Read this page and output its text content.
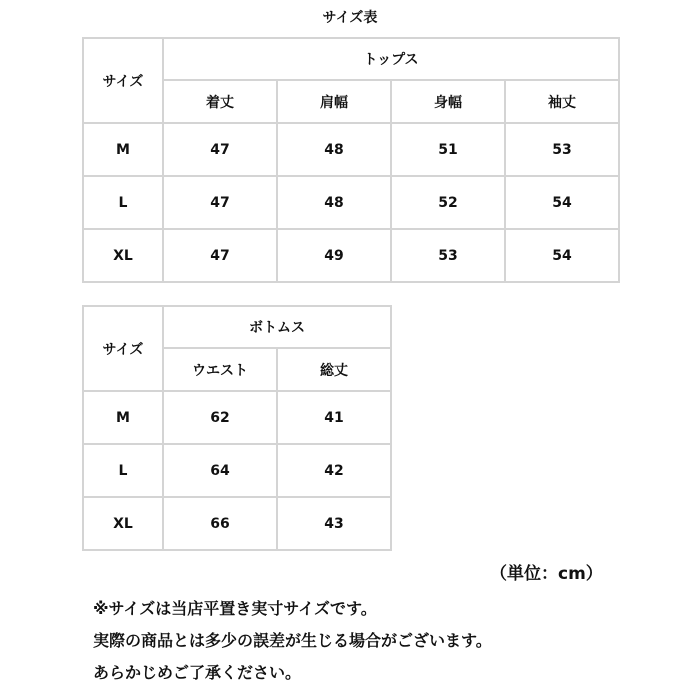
サイズ表
サイズ	トップス			
	着丈	肩幅	身幅	袖丈
M	47	48	51	53
L	47	48	52	54
XL	47	49	53	54
サイズ	ボトムス	
	ウエスト	総丈
M	62	41
L	64	42
XL	66	43
（単位：cm）
※サイズは当店平置き実寸サイズです。
実際の商品とは多少の誤差が生じる場合がございます。
あらかじめご了承ください。
